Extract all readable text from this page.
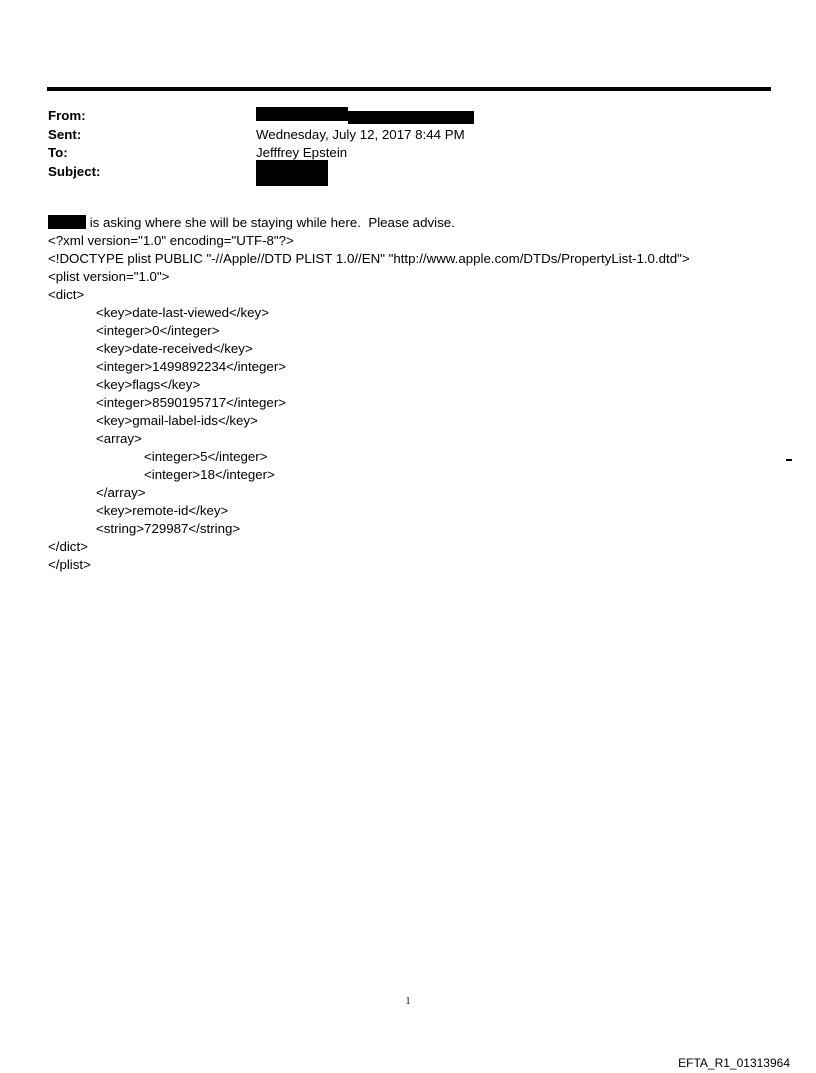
From:	>
Sent:	Wednesday, July 12, 2017 8:44 PM
To:	Jefffrey Epstein
Subject:
is asking where she will be staying while here.  Please advise.
<?xml version="1.0" encoding="UTF-8"?>
<!DOCTYPE plist PUBLIC "-//Apple//DTD PLIST 1.0//EN" "http://www.apple.com/DTDs/PropertyList-1.0.dtd">
<plist version="1.0">
<dict>
<key>date-last-viewed</key>
<integer>0</integer>
<key>date-received</key>
<integer>1499892234</integer>
<key>flags</key>
<integer>8590195717</integer>
<key>gmail-label-ids</key>
<array>
<integer>5</integer>
<integer>18</integer>
</array>
<key>remote-id</key>
<string>729987</string>
</dict>
</plist>
1
EFTA_R1_01313964
